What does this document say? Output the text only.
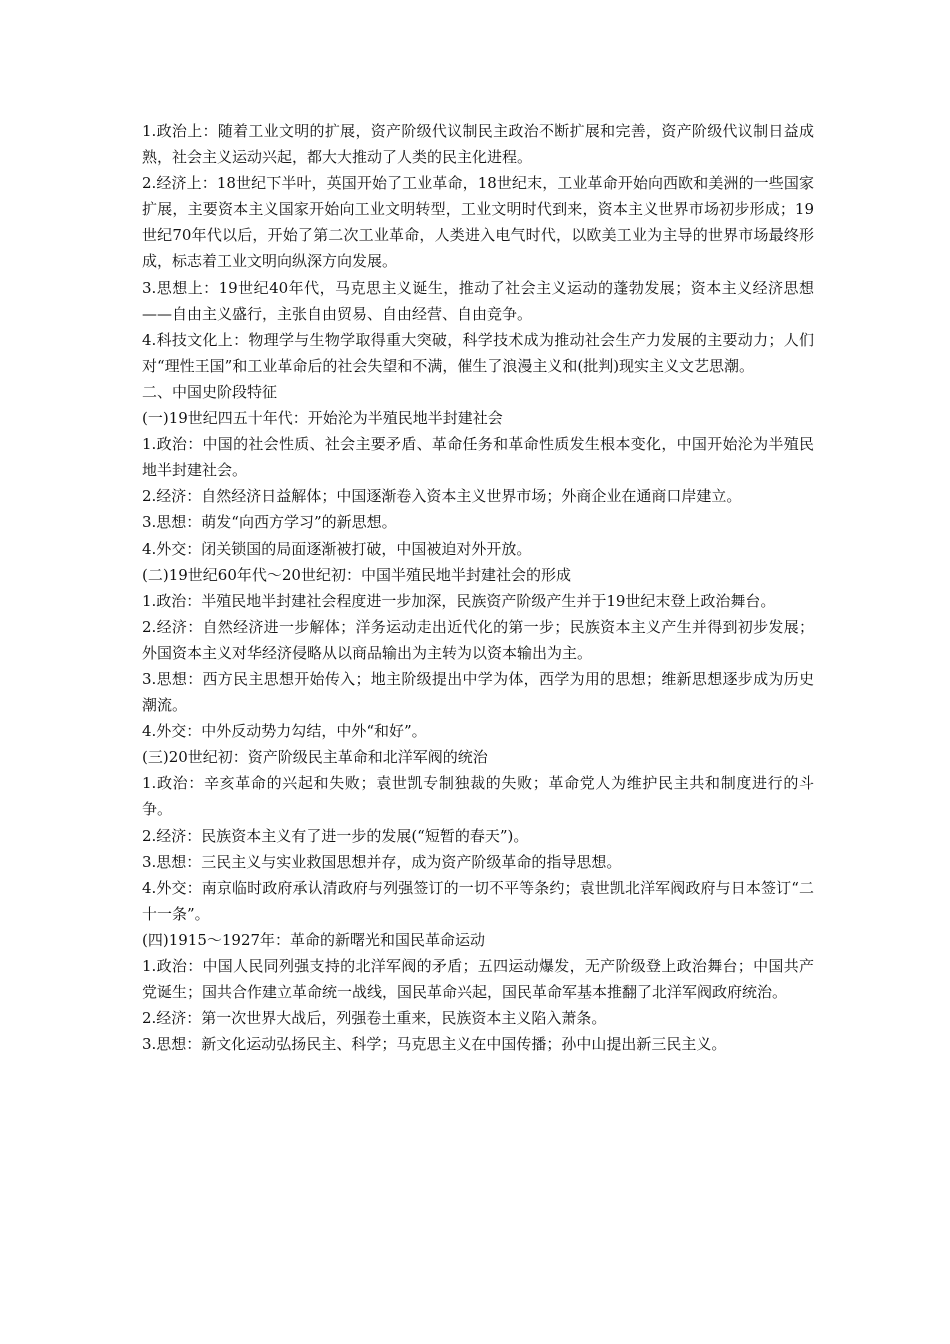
1.政治上：随着工业文明的扩展，资产阶级代议制民主政治不断扩展和完善，资产阶级代议制日益成熟，社会主义运动兴起，都大大推动了人类的民主化进程。

2.经济上：18世纪下半叶，英国开始了工业革命，18世纪末，工业革命开始向西欧和美洲的一些国家扩展，主要资本主义国家开始向工业文明转型，工业文明时代到来，资本主义世界市场初步形成；19世纪70年代以后，开始了第二次工业革命，人类进入电气时代，以欧美工业为主导的世界市场最终形成，标志着工业文明向纵深方向发展。

3.思想上：19世纪40年代，马克思主义诞生，推动了社会主义运动的蓬勃发展；资本主义经济思想——自由主义盛行，主张自由贸易、自由经营、自由竞争。

4.科技文化上：物理学与生物学取得重大突破，科学技术成为推动社会生产力发展的主要动力；人们对“理性王国”和工业革命后的社会失望和不满，催生了浪漫主义和(批判)现实主义文艺思潮。

二、中国史阶段特征

(一)19世纪四五十年代：开始沦为半殖民地半封建社会

1.政治：中国的社会性质、社会主要矛盾、革命任务和革命性质发生根本变化，中国开始沦为半殖民地半封建社会。

2.经济：自然经济日益解体；中国逐渐卷入资本主义世界市场；外商企业在通商口岸建立。

3.思想：萌发“向西方学习”的新思想。

4.外交：闭关锁国的局面逐渐被打破，中国被迫对外开放。

(二)19世纪60年代～20世纪初：中国半殖民地半封建社会的形成

1.政治：半殖民地半封建社会程度进一步加深，民族资产阶级产生并于19世纪末登上政治舞台。

2.经济：自然经济进一步解体；洋务运动走出近代化的第一步；民族资本主义产生并得到初步发展；外国资本主义对华经济侵略从以商品输出为主转为以资本输出为主。

3.思想：西方民主思想开始传入；地主阶级提出中学为体，西学为用的思想；维新思想逐步成为历史潮流。

4.外交：中外反动势力勾结，中外“和好”。

(三)20世纪初：资产阶级民主革命和北洋军阀的统治

1.政治：辛亥革命的兴起和失败；袁世凯专制独裁的失败；革命党人为维护民主共和制度进行的斗争。

2.经济：民族资本主义有了进一步的发展(“短暂的春天”)。

3.思想：三民主义与实业救国思想并存，成为资产阶级革命的指导思想。

4.外交：南京临时政府承认清政府与列强签订的一切不平等条约；袁世凯北洋军阀政府与日本签订“二十一条”。

(四)1915～1927年：革命的新曙光和国民革命运动

1.政治：中国人民同列强支持的北洋军阀的矛盾；五四运动爆发，无产阶级登上政治舞台；中国共产党诞生；国共合作建立革命统一战线，国民革命兴起，国民革命军基本推翻了北洋军阀政府统治。

2.经济：第一次世界大战后，列强卷土重来，民族资本主义陷入萧条。

3.思想：新文化运动弘扬民主、科学；马克思主义在中国传播；孙中山提出新三民主义。
